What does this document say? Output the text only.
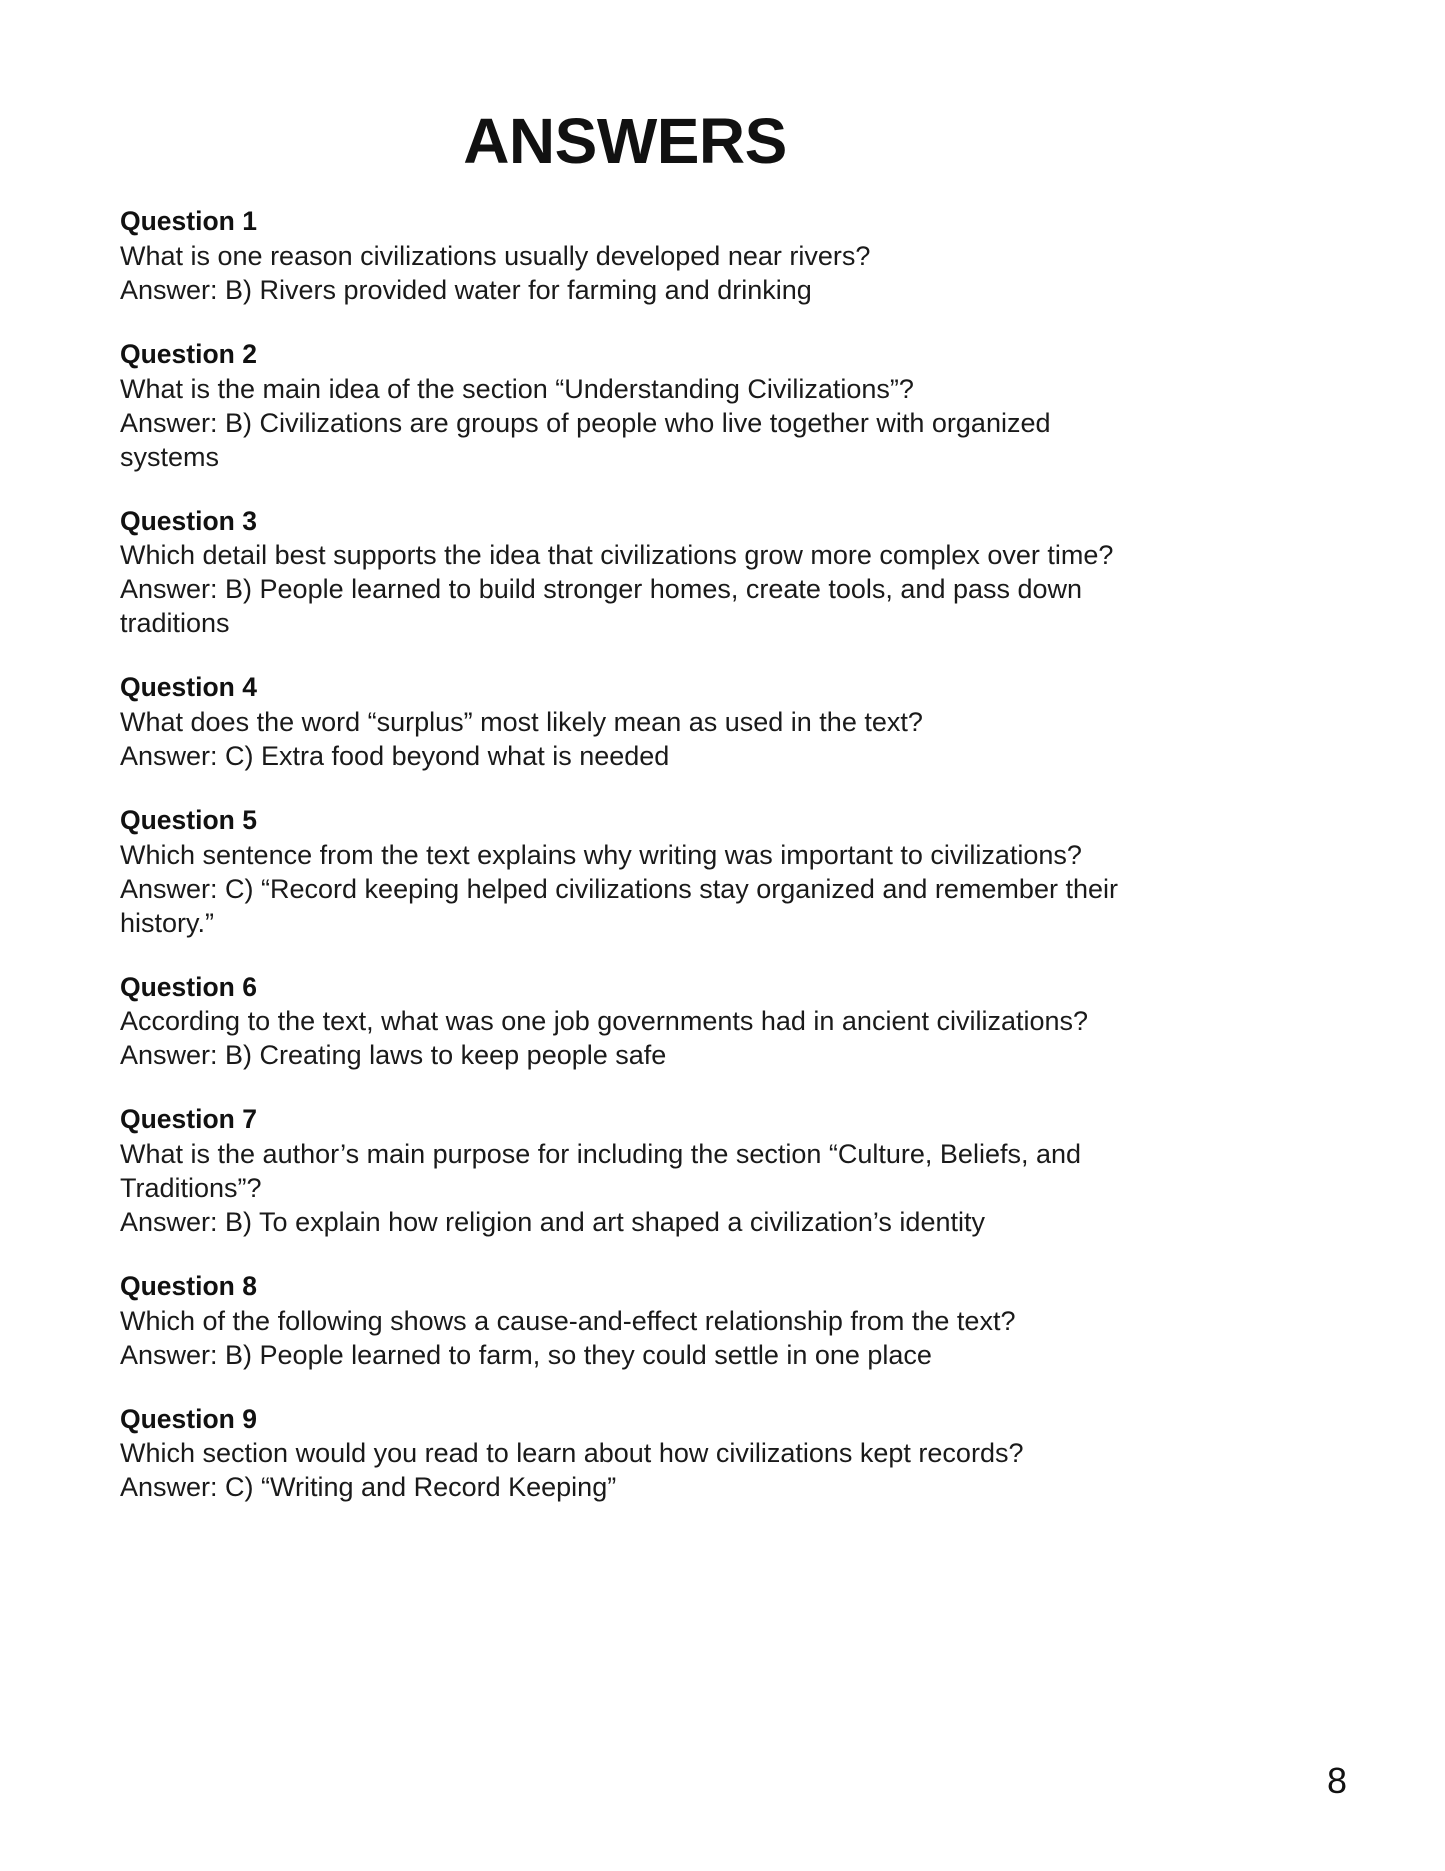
ANSWERS

Question 1

What is one reason civilizations usually developed near rivers?

Answer: B) Rivers provided water for farming and drinking

Question 2

What is the main idea of the section “Understanding Civilizations”?

Answer: B) Civilizations are groups of people who live together with organized systems

Question 3

Which detail best supports the idea that civilizations grow more complex over time?

Answer: B) People learned to build stronger homes, create tools, and pass down traditions

Question 4

What does the word “surplus” most likely mean as used in the text?

Answer: C) Extra food beyond what is needed

Question 5

Which sentence from the text explains why writing was important to civilizations?

Answer: C) “Record keeping helped civilizations stay organized and remember their history.”

Question 6

According to the text, what was one job governments had in ancient civilizations?

Answer: B) Creating laws to keep people safe

Question 7

What is the author’s main purpose for including the section “Culture, Beliefs, and Traditions”?

Answer: B) To explain how religion and art shaped a civilization’s identity

Question 8

Which of the following shows a cause-and-effect relationship from the text?

Answer: B) People learned to farm, so they could settle in one place

Question 9

Which section would you read to learn about how civilizations kept records?

Answer: C) “Writing and Record Keeping”

8
